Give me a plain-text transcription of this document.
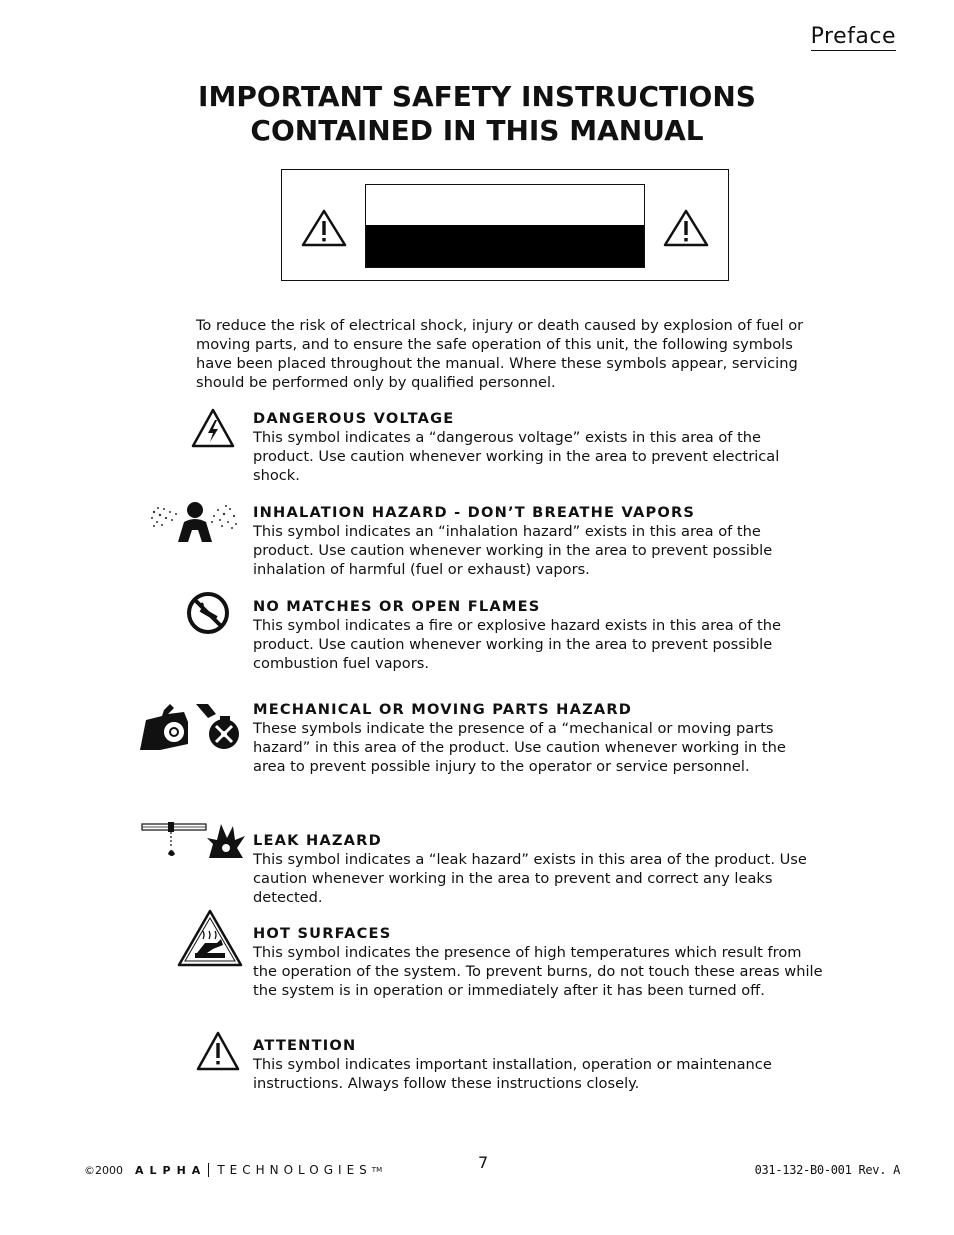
Preface
IMPORTANT SAFETY INSTRUCTIONS
CONTAINED IN THIS MANUAL
To reduce the risk of electrical shock, injury or death caused by explosion of fuel or moving parts, and to ensure the safe operation of this unit, the following symbols have been placed throughout the manual. Where these symbols appear, servicing should be performed only by qualified personnel.
DANGEROUS VOLTAGE
This symbol indicates a “dangerous voltage” exists in this area of the product. Use caution whenever working in the area to prevent electrical shock.
INHALATION HAZARD - DON’T BREATHE VAPORS
This symbol indicates an “inhalation hazard” exists in this area of the product. Use caution whenever working in the area to prevent possible inhalation of harmful (fuel or exhaust) vapors.
NO MATCHES OR OPEN FLAMES
This symbol indicates a fire or explosive hazard exists in this area of the product. Use caution whenever working in the area to prevent possible combustion fuel vapors.
MECHANICAL OR MOVING PARTS HAZARD
These symbols indicate the presence of a “mechanical or moving parts hazard” in this area of the product. Use caution whenever working in the area to prevent possible injury to the operator or service personnel.
LEAK HAZARD
This symbol indicates a “leak hazard” exists in this area of the product. Use caution whenever working in the area to prevent and correct any leaks detected.
HOT SURFACES
This symbol indicates the presence of high temperatures which result from the operation of the system. To prevent burns, do not touch these areas while the system is in operation or immediately after it has been turned off.
ATTENTION
This symbol indicates important installation, operation or maintenance instructions. Always follow these instructions closely.
©2000 ALPHA TECHNOLOGIES TM	7	031-132-B0-001 Rev. A
